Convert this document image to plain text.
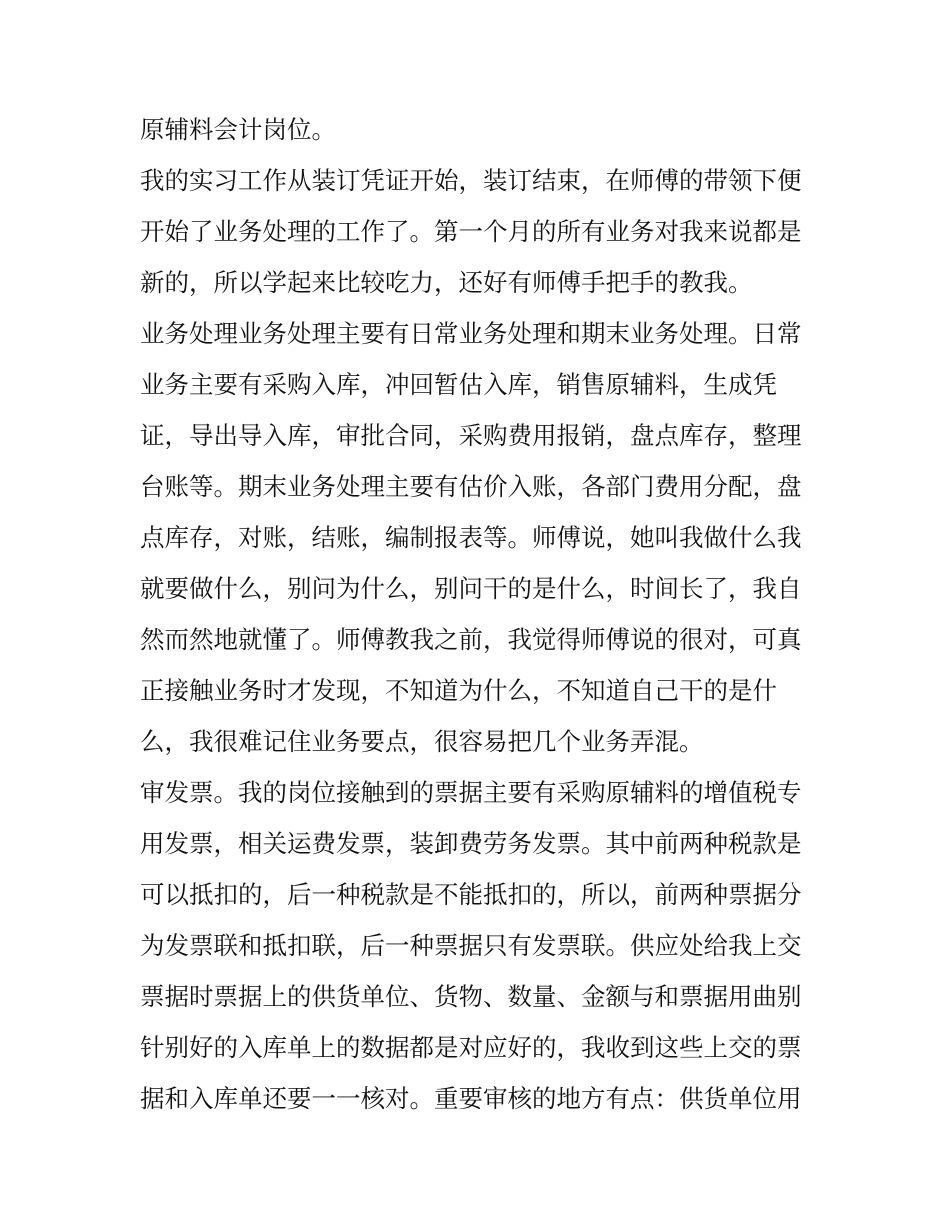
原辅料会计岗位。
我的实习工作从装订凭证开始，装订结束，在师傅的带领下便
开始了业务处理的工作了。第一个月的所有业务对我来说都是
新的，所以学起来比较吃力，还好有师傅手把手的教我。
业务处理业务处理主要有日常业务处理和期末业务处理。日常
业务主要有采购入库，冲回暂估入库，销售原辅料，生成凭
证，导出导入库，审批合同，采购费用报销，盘点库存，整理
台账等。期末业务处理主要有估价入账，各部门费用分配，盘
点库存，对账，结账，编制报表等。师傅说，她叫我做什么我
就要做什么，别问为什么，别问干的是什么，时间长了，我自
然而然地就懂了。师傅教我之前，我觉得师傅说的很对，可真
正接触业务时才发现，不知道为什么，不知道自己干的是什
么，我很难记住业务要点，很容易把几个业务弄混。
审发票。我的岗位接触到的票据主要有采购原辅料的增值税专
用发票，相关运费发票，装卸费劳务发票。其中前两种税款是
可以抵扣的，后一种税款是不能抵扣的，所以，前两种票据分
为发票联和抵扣联，后一种票据只有发票联。供应处给我上交
票据时票据上的供货单位、货物、数量、金额与和票据用曲别
针别好的入库单上的数据都是对应好的，我收到这些上交的票
据和入库单还要一一核对。重要审核的地方有点：供货单位用
